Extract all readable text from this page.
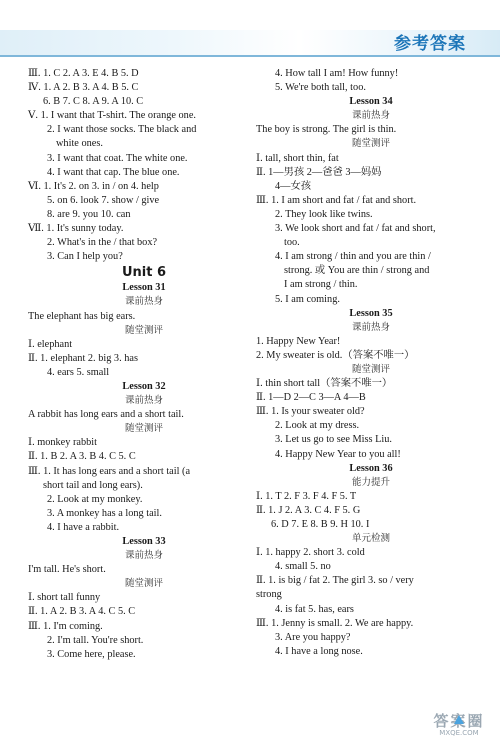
参考答案
Ⅲ. 1. C 2. A 3. E 4. B 5. D
Ⅳ. 1. A 2. B 3. A 4. B 5. C
6. B 7. C 8. A 9. A 10. C
Ⅴ. 1. I want that T-shirt. The orange one.
2. I want those socks. The black and
white ones.
3. I want that coat. The white one.
4. I want that cap. The blue one.
Ⅵ. 1. It's 2. on 3. in / on 4. help
5. on 6. look 7. show / give
8. are 9. you 10. can
Ⅶ. 1. It's sunny today.
2. What's in the / that box?
3. Can I help you?
Unit 6
Lesson 31
课前热身
The elephant has big ears.
随堂测评
Ⅰ. elephant
Ⅱ. 1. elephant 2. big 3. has
4. ears 5. small
Lesson 32
课前热身
A rabbit has long ears and a short tail.
随堂测评
Ⅰ. monkey rabbit
Ⅱ. 1. B 2. A 3. B 4. C 5. C
Ⅲ. 1. It has long ears and a short tail (a
short tail and long ears).
2. Look at my monkey.
3. A monkey has a long tail.
4. I have a rabbit.
Lesson 33
课前热身
I'm tall. He's short.
随堂测评
Ⅰ. short tall funny
Ⅱ. 1. A 2. B 3. A 4. C 5. C
Ⅲ. 1. I'm coming.
2. I'm tall. You're short.
3. Come here, please.
4. How tall I am! How funny!
5. We're both tall, too.
Lesson 34
课前热身
The boy is strong. The girl is thin.
随堂测评
Ⅰ. tall, short thin, fat
Ⅱ. 1—男孩 2—爸爸 3—妈妈
4—女孩
Ⅲ. 1. I am short and fat / fat and short.
2. They look like twins.
3. We look short and fat / fat and short,
too.
4. I am strong / thin and you are thin /
strong. 或 You are thin / strong and
I am strong / thin.
5. I am coming.
Lesson 35
课前热身
1. Happy New Year!
2. My sweater is old.（答案不唯一）
随堂测评
Ⅰ. thin short tall（答案不唯一）
Ⅱ. 1—D 2—C 3—A 4—B
Ⅲ. 1. Is your sweater old?
2. Look at my dress.
3. Let us go to see Miss Liu.
4. Happy New Year to you all!
Lesson 36
能力提升
Ⅰ. 1. T 2. F 3. F 4. F 5. T
Ⅱ. 1. J 2. A 3. C 4. F 5. G
6. D 7. E 8. B 9. H 10. I
单元检测
Ⅰ. 1. happy 2. short 3. cold
4. small 5. no
Ⅱ. 1. is big / fat 2. The girl 3. so / very
strong
4. is fat 5. has, ears
Ⅲ. 1. Jenny is small. 2. We are happy.
3. Are you happy?
4. I have a long nose.
答案圈
MXQE.COM
